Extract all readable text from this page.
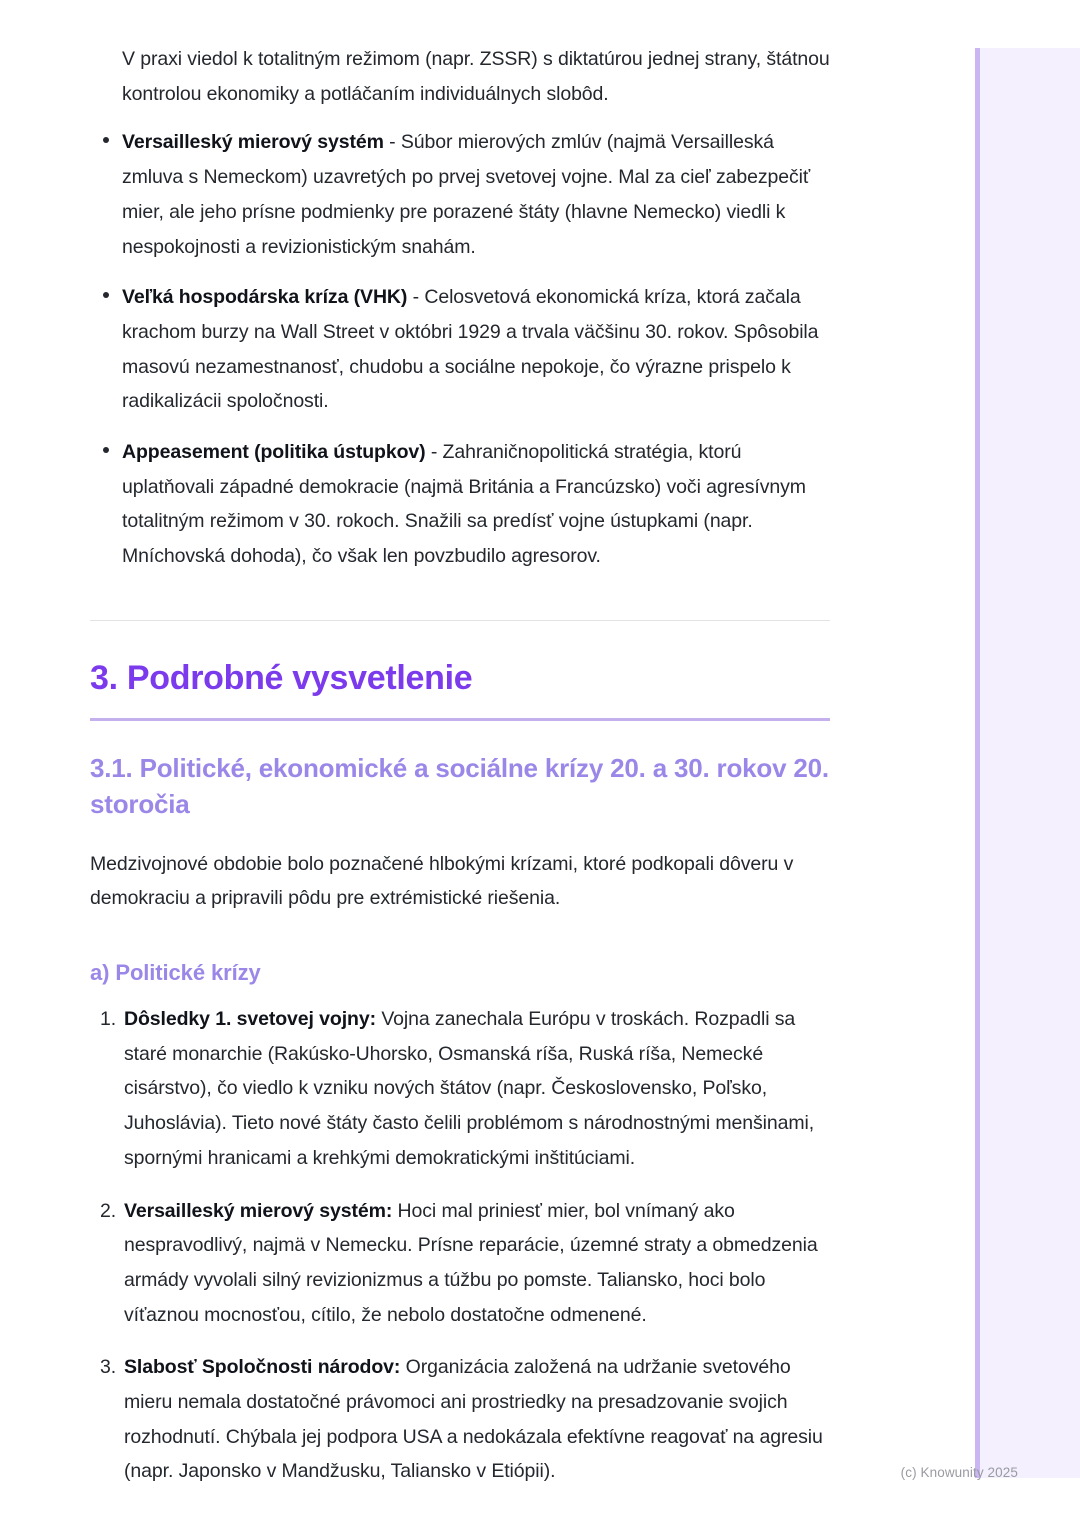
V praxi viedol k totalitným režimom (napr. ZSSR) s diktatúrou jednej strany, štátnou kontrolou ekonomiky a potláčaním individuálnych slobôd.

Versailleský mierový systém - Súbor mierových zmlúv (najmä Versailleská zmluva s Nemeckom) uzavretých po prvej svetovej vojne. Mal za cieľ zabezpečiť mier, ale jeho prísne podmienky pre porazené štáty (hlavne Nemecko) viedli k nespokojnosti a revizionistickým snahám.
Veľká hospodárska kríza (VHK) - Celosvetová ekonomická kríza, ktorá začala krachom burzy na Wall Street v októbri 1929 a trvala väčšinu 30. rokov. Spôsobila masovú nezamestnanosť, chudobu a sociálne nepokoje, čo výrazne prispelo k radikalizácii spoločnosti.
Appeasement (politika ústupkov) - Zahraničnopolitická stratégia, ktorú uplatňovali západné demokracie (najmä Británia a Francúzsko) voči agresívnym totalitným režimom v 30. rokoch. Snažili sa predísť vojne ústupkami (napr. Mníchovská dohoda), čo však len povzbudilo agresorov.
3. Podrobné vysvetlenie
3.1. Politické, ekonomické a sociálne krízy 20. a 30. rokov 20. storočia

Medzivojnové obdobie bolo poznačené hlbokými krízami, ktoré podkopali dôveru v demokraciu a pripravili pôdu pre extrémistické riešenia.

a) Politické krízy
1. Dôsledky 1. svetovej vojny: Vojna zanechala Európu v troskách. Rozpadli sa staré monarchie (Rakúsko-Uhorsko, Osmanská ríša, Ruská ríša, Nemecké cisárstvo), čo viedlo k vzniku nových štátov (napr. Československo, Poľsko, Juhoslávia). Tieto nové štáty často čelili problémom s národnostnými menšinami, spornými hranicami a krehkými demokratickými inštitúciami.
2. Versailleský mierový systém: Hoci mal priniesť mier, bol vnímaný ako nespravodlivý, najmä v Nemecku. Prísne reparácie, územné straty a obmedzenia armády vyvolali silný revizionizmus a túžbu po pomste. Taliansko, hoci bolo víťaznou mocnosťou, cítilo, že nebolo dostatočne odmenené.
3. Slabosť Spoločnosti národov: Organizácia založená na udržanie svetového mieru nemala dostatočné právomoci ani prostriedky na presadzovanie svojich rozhodnutí. Chýbala jej podpora USA a nedokázala efektívne reagovať na agresiu (napr. Japonsko v Mandžusku, Taliansko v Etiópii).	(c) Knowunity 2025
